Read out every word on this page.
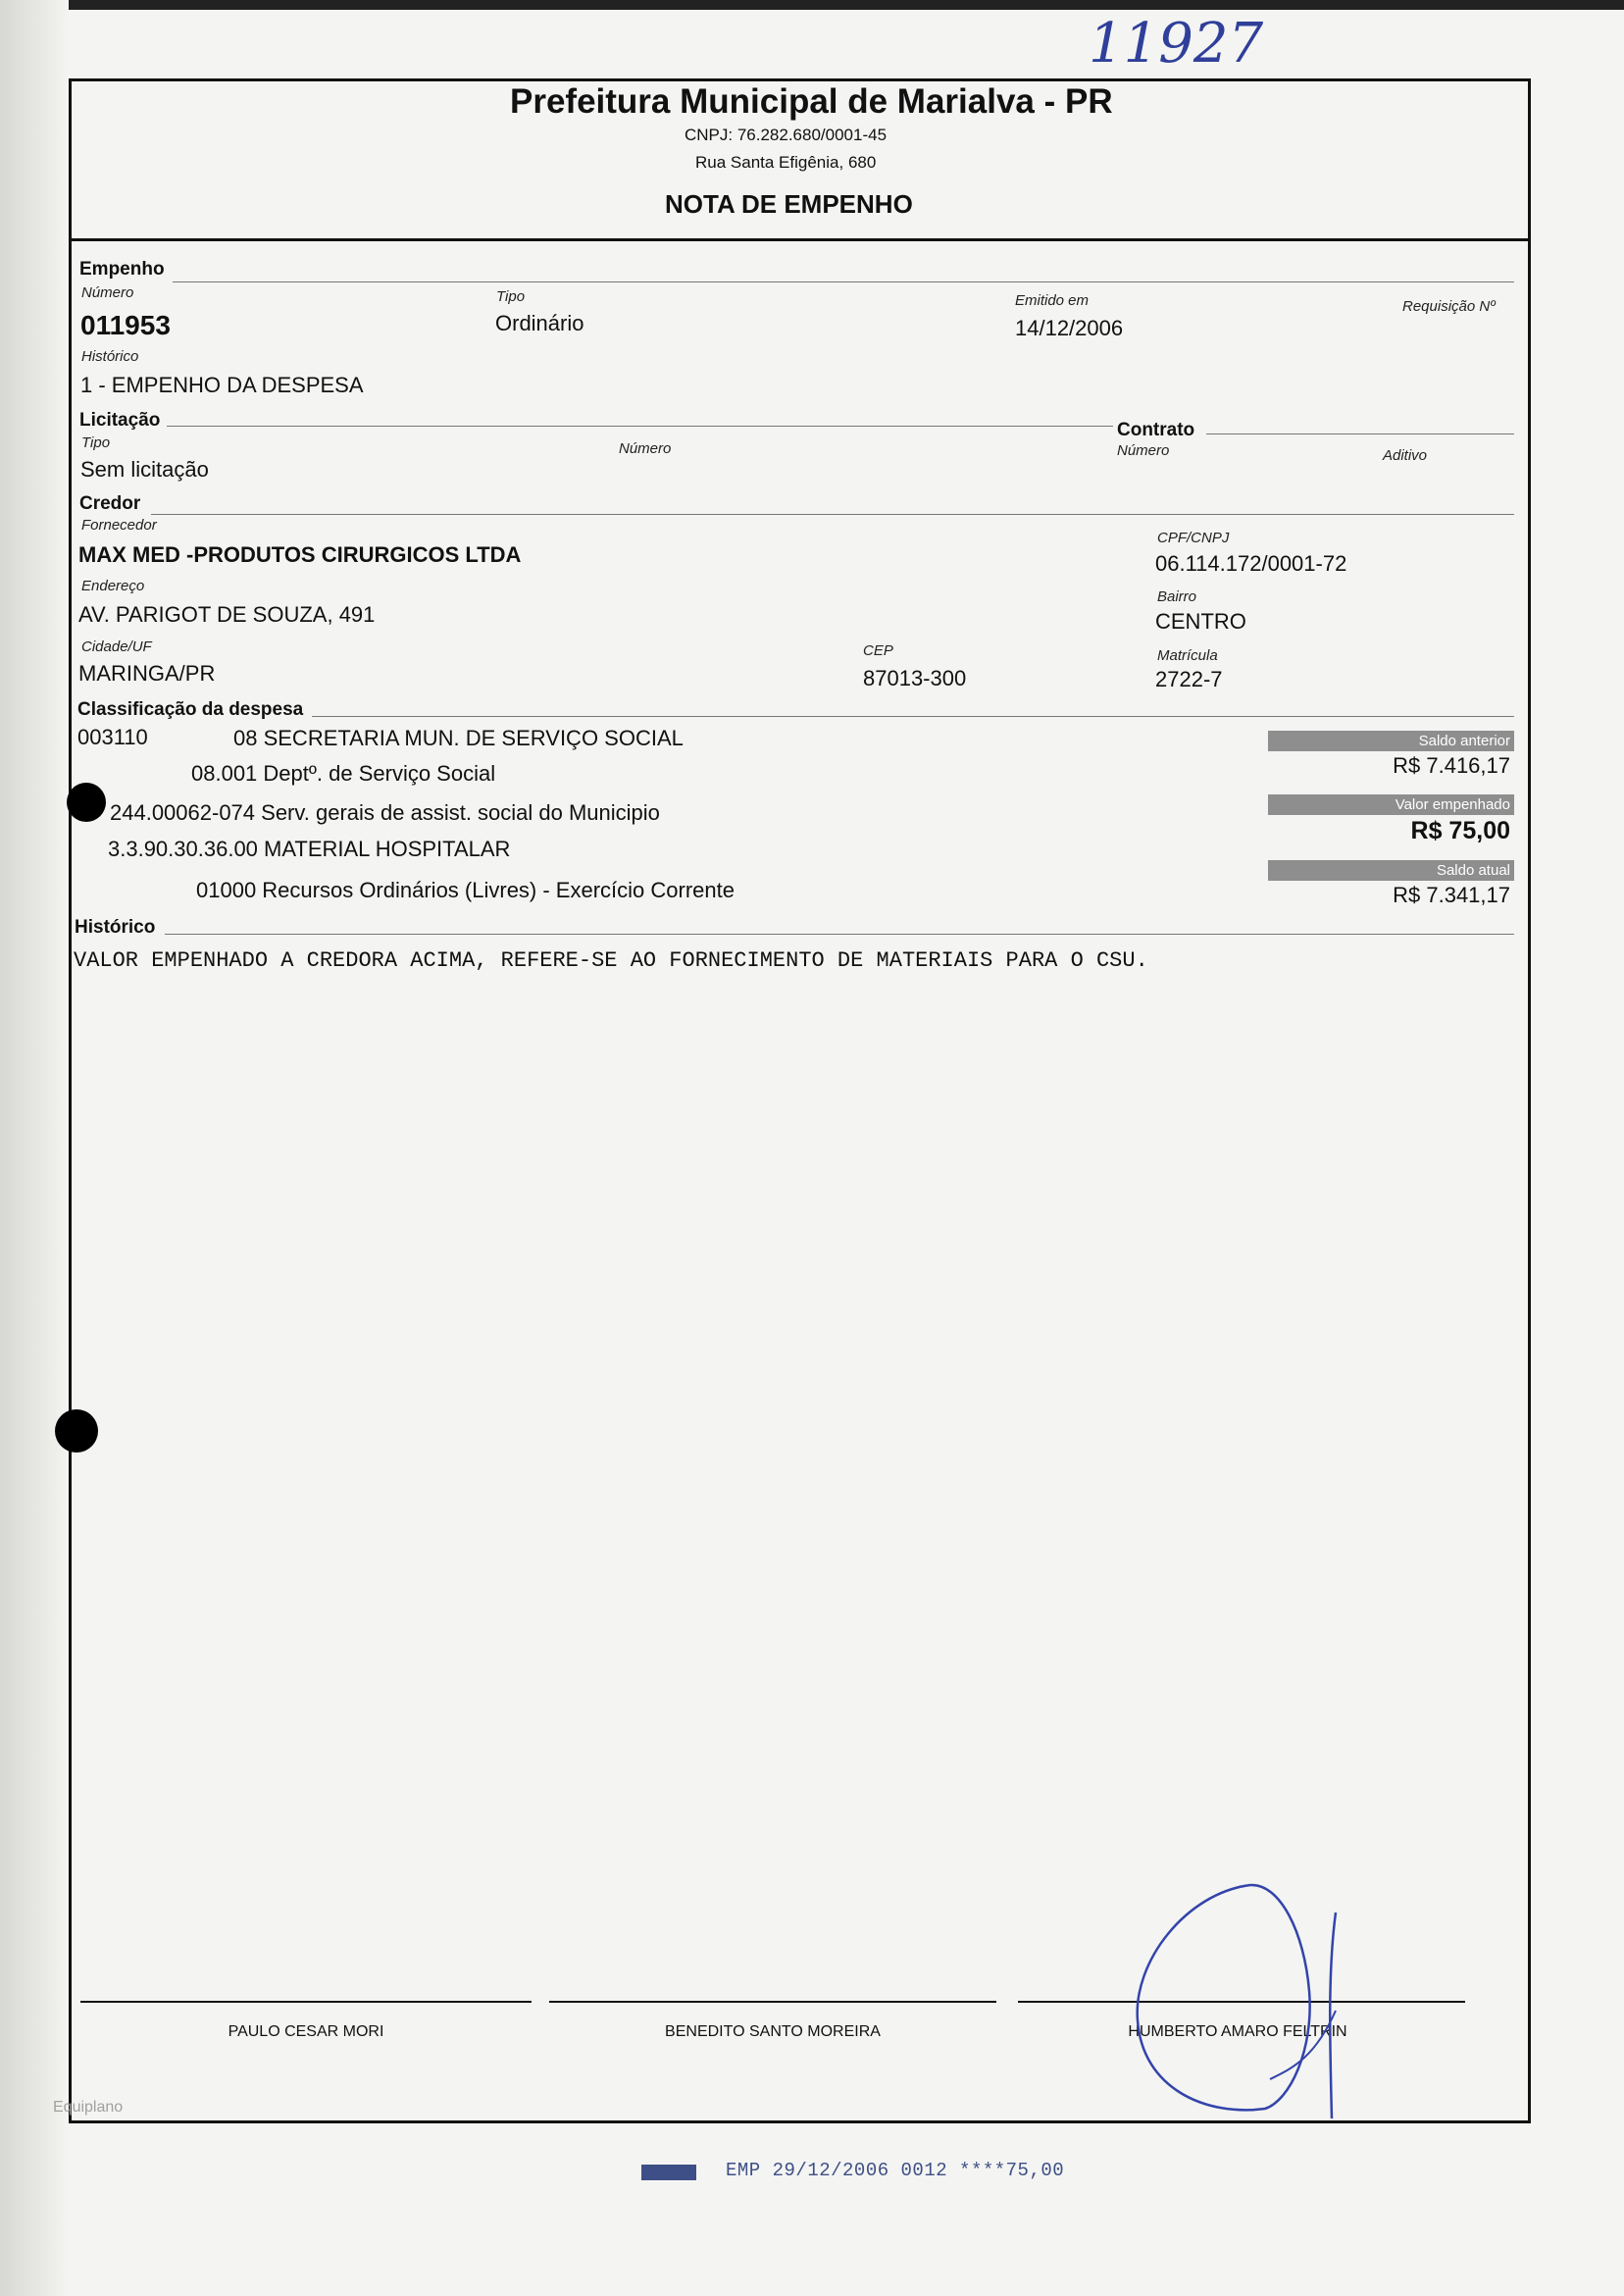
11927
Prefeitura Municipal de Marialva - PR
CNPJ: 76.282.680/0001-45
Rua Santa Efigênia, 680
NOTA DE EMPENHO
Empenho
Número
011953
Tipo
Ordinário
Emitido em
14/12/2006
Requisição Nº
Histórico
1 - EMPENHO DA DESPESA
Licitação
Tipo
Sem licitação
Número
Contrato
Número	Aditivo
Credor
Fornecedor
MAX MED -PRODUTOS CIRURGICOS LTDA
CPF/CNPJ
06.114.172/0001-72
Endereço
AV. PARIGOT DE SOUZA, 491
Bairro
CENTRO
Cidade/UF
MARINGA/PR
CEP
87013-300
Matrícula
2722-7
Classificação da despesa
003110	08 SECRETARIA MUN. DE SERVIÇO SOCIAL
08.001 Deptº. de Serviço Social
244.00062-074 Serv. gerais de assist. social do Municipio
3.3.90.30.36.00 MATERIAL HOSPITALAR
01000 Recursos Ordinários (Livres) - Exercício Corrente
Saldo anterior
R$ 7.416,17
Valor empenhado
R$ 75,00
Saldo atual
R$ 7.341,17
Histórico
VALOR EMPENHADO A CREDORA ACIMA, REFERE-SE AO FORNECIMENTO DE MATERIAIS PARA O CSU.
PAULO CESAR MORI	BENEDITO SANTO MOREIRA	HUMBERTO AMARO FELTRIN
Equiplano
EMP 29/12/2006 0012 ****75,00
